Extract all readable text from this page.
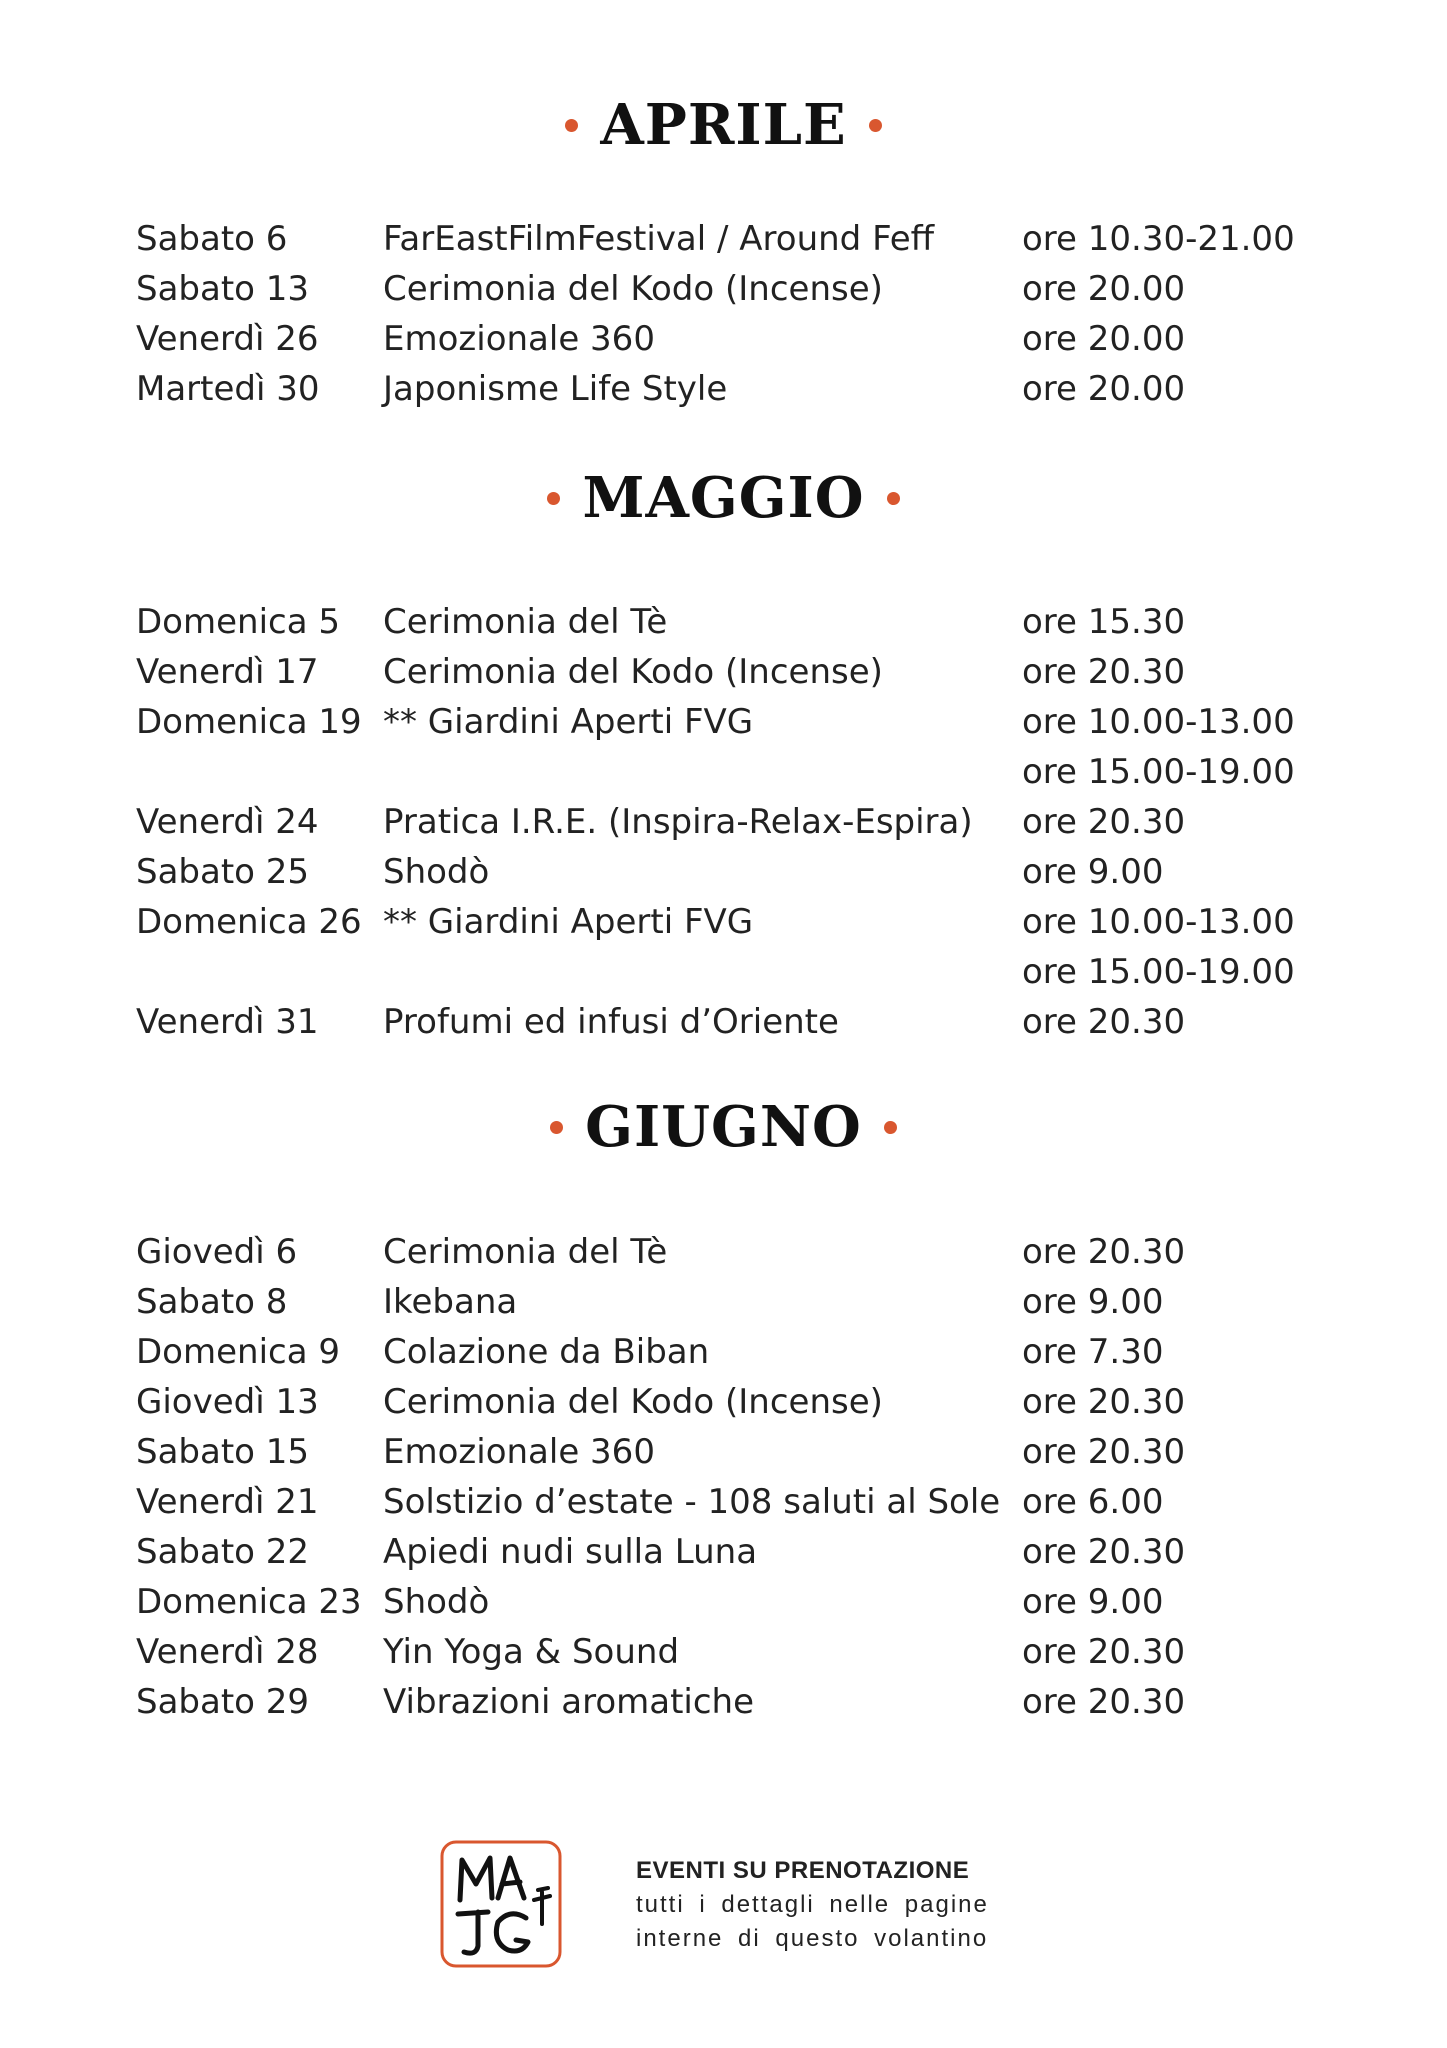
APRILE
Sabato 6	FarEastFilmFestival / Around Feff	ore 10.30-21.00
Sabato 13 Cerimonia del Kodo (Incense)	ore 20.00
Venerdì 26 Emozionale 360	ore 20.00
Martedì 30 Japonisme Life Style	ore 20.00
MAGGIO
Domenica 5 Cerimonia del Tè	ore 15.30
Venerdì 17 Cerimonia del Kodo (Incense)	ore 20.30
Domenica 19 ** Giardini Aperti FVG	ore 10.00-13.00
ore 15.00-19.00
Venerdì 24 Pratica I.R.E. (Inspira-Relax-Espira) ore 20.30
Sabato 25 Shodò	ore 9.00
Domenica 26 ** Giardini Aperti FVG	ore 10.00-13.00
ore 15.00-19.00
Venerdì 31 Profumi ed infusi d’Oriente	ore 20.30
GIUGNO
Giovedì 6	Cerimonia del Tè	ore 20.30
Sabato 8	Ikebana	ore 9.00
Domenica 9 Colazione da Biban	ore 7.30
Giovedì 13 Cerimonia del Kodo (Incense)	ore 20.30
Sabato 15 Emozionale 360	ore 20.30
Venerdì 21 Solstizio d’estate - 108 saluti al Sole ore 6.00
Sabato 22 Apiedi nudi sulla Luna	ore 20.30
Domenica 23 Shodò	ore 9.00
Venerdì 28 Yin Yoga & Sound	ore 20.30
Sabato 29 Vibrazioni aromatiche	ore 20.30
EVENTI SU PRENOTAZIONE
tutti i dettagli nelle pagine
interne di questo volantino
